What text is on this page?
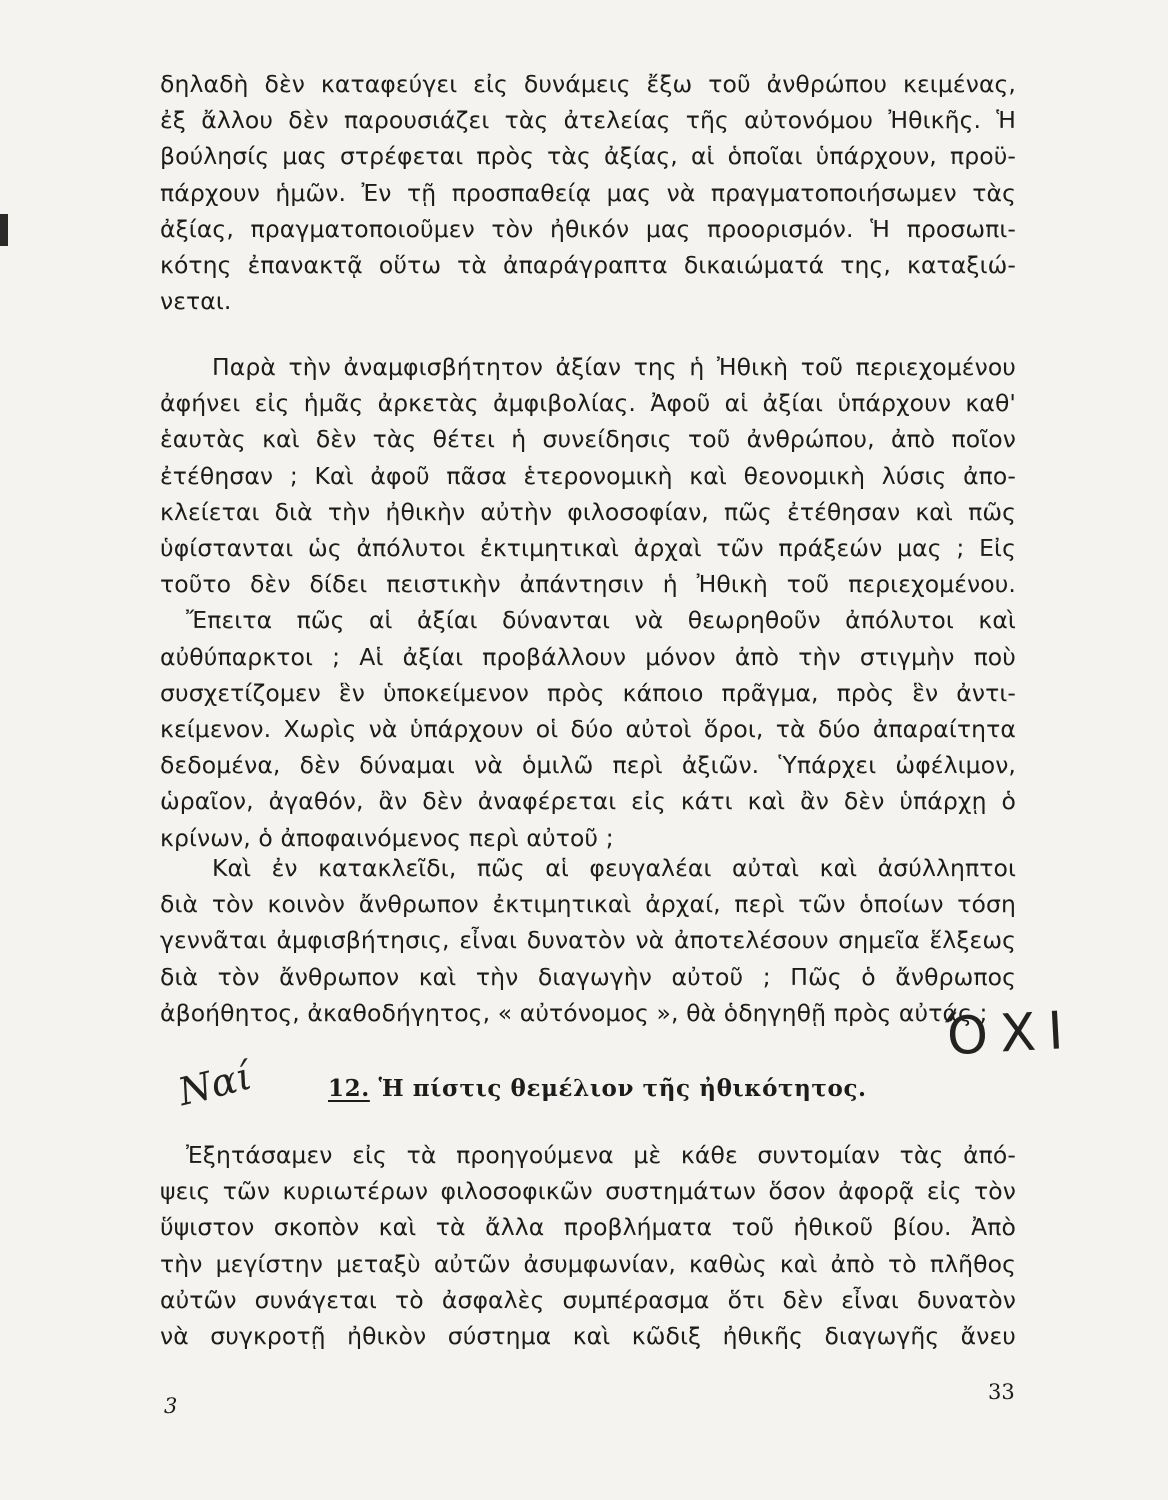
δηλαδὴ δὲν καταφεύγει εἰς δυνάμεις ἔξω τοῦ ἀνθρώπου κειμένας,
ἐξ ἄλλου δὲν παρουσιάζει τὰς ἀτελείας τῆς αὐτονόμου Ἠθικῆς. Ἡ
βούλησίς μας στρέφεται πρὸς τὰς ἀξίας, αἱ ὁποῖαι ὑπάρχουν, προϋ-
πάρχουν ἡμῶν. Ἐν τῇ προσπαθείᾳ μας νὰ πραγματοποιήσωμεν τὰς
ἀξίας, πραγματοποιοῦμεν τὸν ἠθικόν μας προορισμόν. Ἡ προσωπι-
κότης ἐπανακτᾷ οὕτω τὰ ἀπαράγραπτα δικαιώματά της, καταξιώ-
νεται.
Παρὰ τὴν ἀναμφισβήτητον ἀξίαν της ἡ Ἠθικὴ τοῦ περιεχομένου
ἀφήνει εἰς ἡμᾶς ἀρκετὰς ἀμφιβολίας. Ἀφοῦ αἱ ἀξίαι ὑπάρχουν καθ'
ἑαυτὰς καὶ δὲν τὰς θέτει ἡ συνείδησις τοῦ ἀνθρώπου, ἀπὸ ποῖον
ἐτέθησαν ; Καὶ ἀφοῦ πᾶσα ἑτερονομικὴ καὶ θεονομικὴ λύσις ἀπο-
κλείεται διὰ τὴν ἠθικὴν αὐτὴν φιλοσοφίαν, πῶς ἐτέθησαν καὶ πῶς
ὑφίστανται ὡς ἀπόλυτοι ἐκτιμητικαὶ ἀρχαὶ τῶν πράξεών μας ; Εἰς
τοῦτο δὲν δίδει πειστικὴν ἀπάντησιν ἡ Ἠθικὴ τοῦ περιεχομένου.
Ἔπειτα πῶς αἱ ἀξίαι δύνανται νὰ θεωρηθοῦν ἀπόλυτοι καὶ
αὐθύπαρκτοι ; Αἱ ἀξίαι προβάλλουν μόνον ἀπὸ τὴν στιγμὴν ποὺ
συσχετίζομεν ἓν ὑποκείμενον πρὸς κάποιο πρᾶγμα, πρὸς ἓν ἀντι-
κείμενον. Χωρὶς νὰ ὑπάρχουν οἱ δύο αὐτοὶ ὅροι, τὰ δύο ἀπαραίτητα
δεδομένα, δὲν δύναμαι νὰ ὁμιλῶ περὶ ἀξιῶν. Ὑπάρχει ὠφέλιμον,
ὡραῖον, ἀγαθόν, ἂν δὲν ἀναφέρεται εἰς κάτι καὶ ἂν δὲν ὑπάρχῃ ὁ
κρίνων, ὁ ἀποφαινόμενος περὶ αὐτοῦ ;
Καὶ ἐν κατακλεῖδι, πῶς αἱ φευγαλέαι αὐταὶ καὶ ἀσύλληπτοι
διὰ τὸν κοινὸν ἄνθρωπον ἐκτιμητικαὶ ἀρχαί, περὶ τῶν ὁποίων τόση
γεννᾶται ἀμφισβήτησις, εἶναι δυνατὸν νὰ ἀποτελέσουν σημεῖα ἕλξεως
διὰ τὸν ἄνθρωπον καὶ τὴν διαγωγὴν αὐτοῦ ; Πῶς ὁ ἄνθρωπος
ἀβοήθητος, ἀκαθοδήγητος, « αὐτόνομος », θὰ ὁδηγηθῇ πρὸς αὐτάς ;
12. Ἡ πίστις θεμέλιον τῆς ἠθικότητος.
Ἐξητάσαμεν εἰς τὰ προηγούμενα μὲ κάθε συντομίαν τὰς ἀπό-
ψεις τῶν κυριωτέρων φιλοσοφικῶν συστημάτων ὅσον ἀφορᾷ εἰς τὸν
ὕψιστον σκοπὸν καὶ τὰ ἄλλα προβλήματα τοῦ ἠθικοῦ βίου. Ἀπὸ
τὴν μεγίστην μεταξὺ αὐτῶν ἀσυμφωνίαν, καθὼς καὶ ἀπὸ τὸ πλῆθος
αὐτῶν συνάγεται τὸ ἀσφαλὲς συμπέρασμα ὅτι δὲν εἶναι δυνατὸν
νὰ συγκροτῇ ἠθικὸν σύστημα καὶ κῶδιξ ἠθικῆς διαγωγῆς ἄνευ
Ναί
ΌΧΙ
33
3
